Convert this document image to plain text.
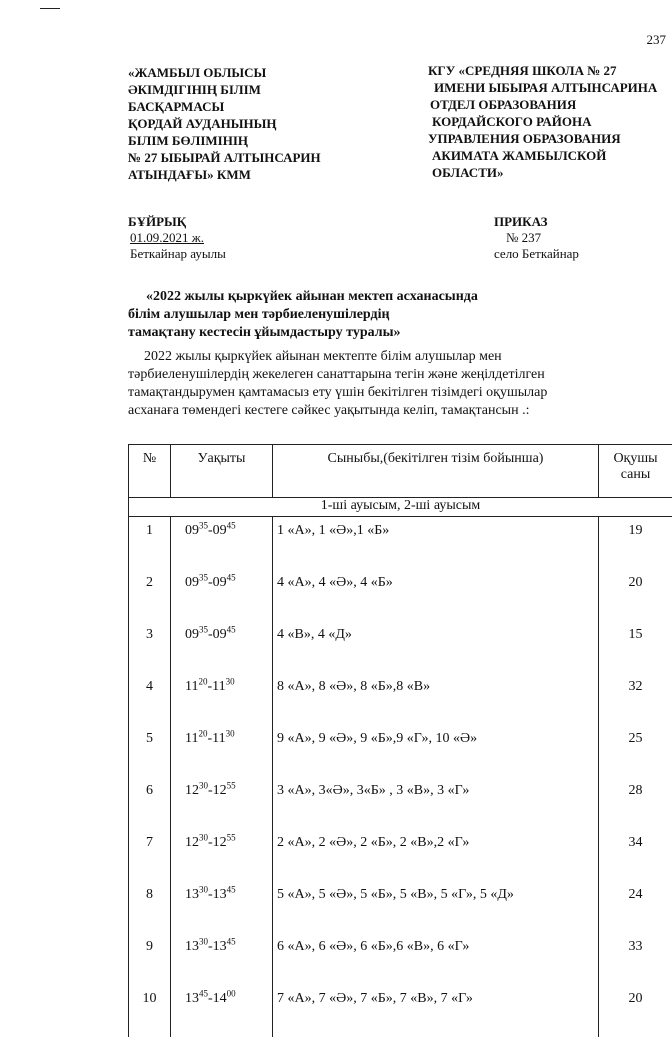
237
«ЖАМБЫЛ ОБЛЫСЫ
ӘКІМДІГІНІҢ БІЛІМ
БАСҚАРМАСЫ
ҚОРДАЙ АУДАНЫНЫҢ
БІЛІМ БӨЛІМІНІҢ
№ 27 ЫБЫРАЙ АЛТЫНСАРИН
АТЫНДАҒЫ» КММ
КГУ «СРЕДНЯЯ ШКОЛА № 27
ИМЕНИ ЫБЫРАЯ АЛТЫНСАРИНА
ОТДЕЛ ОБРАЗОВАНИЯ
КОРДАЙСКОГО РАЙОНА
УПРАВЛЕНИЯ ОБРАЗОВАНИЯ
АКИМАТА ЖАМБЫЛСКОЙ
ОБЛАСТИ»
БҰЙРЫҚ
01.09.2021 ж.
Беткайнар ауылы
ПРИКАЗ
№ 237
село Беткайнар
«2022 жылы қыркүйек айынан мектеп асханасында
білім алушылар мен тәрбиеленушілердің
тамақтану кестесін ұйымдастыру туралы»
2022 жылы қыркүйек айынан мектепте білім алушылар мен
тәрбиеленушілердің жекелеген санаттарына тегін және жеңілдетілген
тамақтандырумен қамтамасыз ету үшін бекітілген тізімдегі оқушылар
асханаға төмендегі кестеге сәйкес уақытында келіп, тамақтансын .:
№	Уақыты	Сыныбы,(бекітілген тізім бойынша)	Оқушы саны
1-ші ауысым, 2-ші ауысым			
1	$09^{35}-09^{45}$	1 «А», 1 «Ә»,1 «Б»	19
2	$09^{35}-09^{45}$	4 «А», 4 «Ә», 4 «Б»	20
3	$09^{35}-09^{45}$	4 «В», 4 «Д»	15
4	$11^{20}-11^{30}$	8 «А», 8 «Ә», 8 «Б»,8 «В»	32
5	$11^{20}-11^{30}$	9 «А», 9 «Ә», 9 «Б»,9 «Г», 10 «Ә»	25
6	$12^{30}-12^{55}$	3 «А», 3«Ә», 3«Б» , 3 «В», 3 «Г»	28
7	$12^{30}-12^{55}$	2 «А», 2 «Ә», 2 «Б», 2 «В»,2 «Г»	34
8	$13^{30}-13^{45}$	5 «А», 5 «Ә», 5 «Б», 5 «В», 5 «Г», 5 «Д»	24
9	$13^{30}-13^{45}$	6 «А», 6 «Ә», 6 «Б»,6 «В», 6 «Г»	33
10	$13^{45}-14^{00}$	7 «А», 7 «Ә», 7 «Б», 7 «В», 7 «Г»	20
